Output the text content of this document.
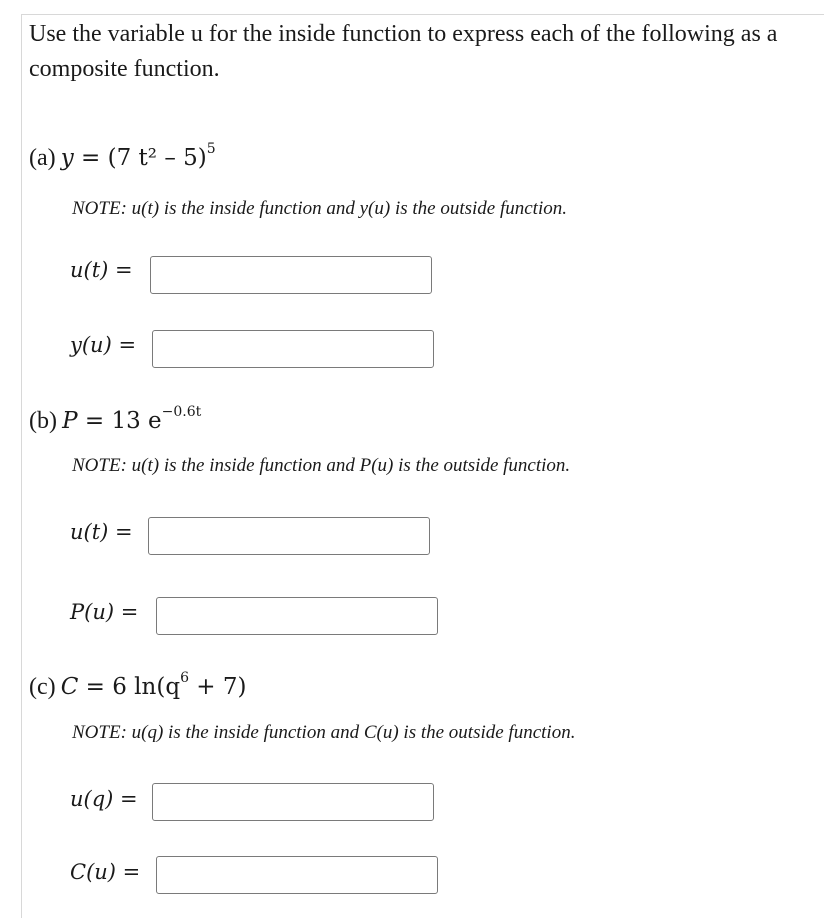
Use the variable u for the inside function to express each of the following as a composite function.
(a) y = (7 t² – 5)$^5$
NOTE: u(t) is the inside function and y(u) is the outside function.
u(t) =
y(u) =
(b) P = 13 $e^{-0.6t}$
NOTE: u(t) is the inside function and P(u) is the outside function.
u(t) =
P(u) =
(c) C = 6 $\ln(q^6 + 7)$
NOTE: u(q) is the inside function and C(u) is the outside function.
u(q) =
C(u) =
